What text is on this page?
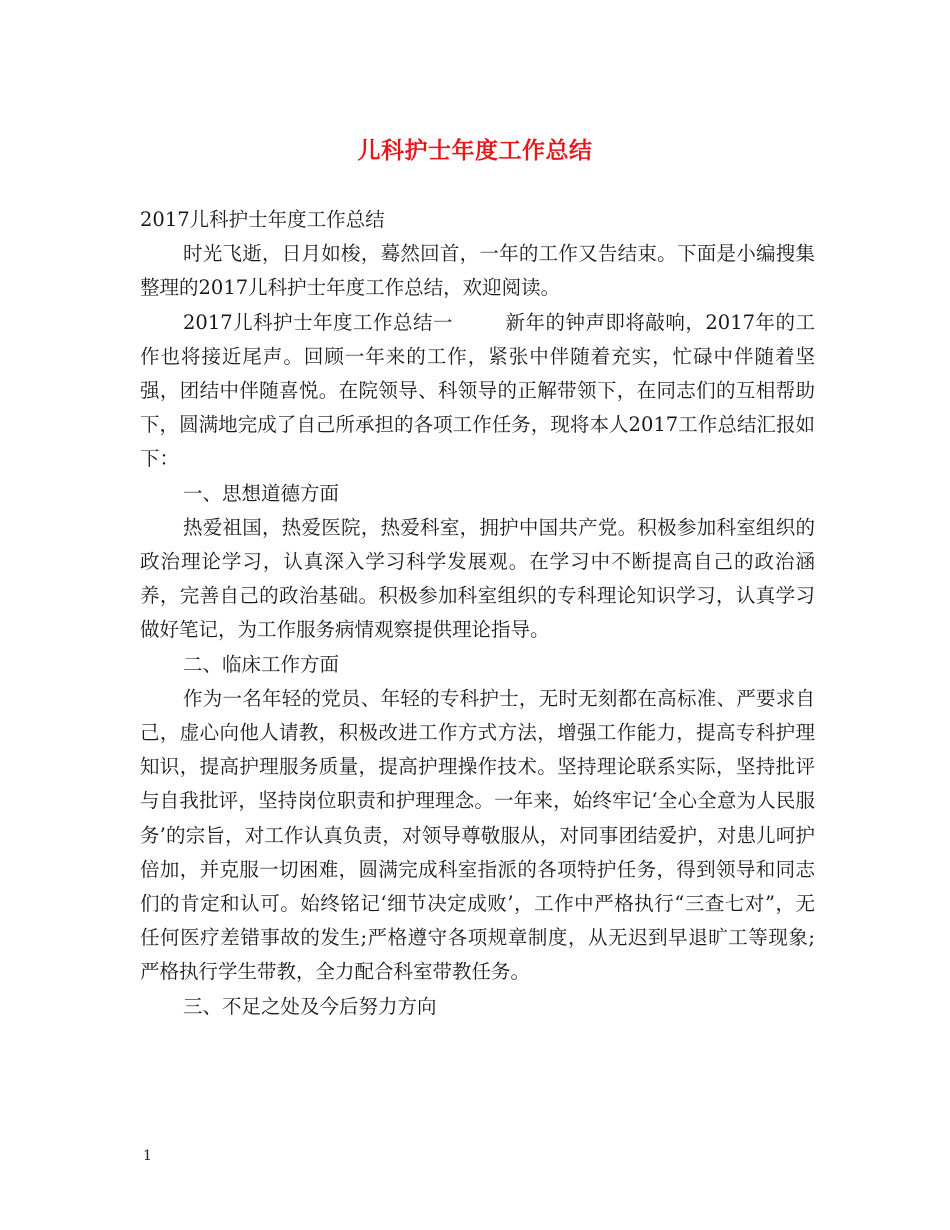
儿科护士年度工作总结

2017儿科护士年度工作总结

时光飞逝，日月如梭，蓦然回首，一年的工作又告结束。下面是小编搜集整理的2017儿科护士年度工作总结，欢迎阅读。

2017儿科护士年度工作总结一	新年的钟声即将敲响，2017年的工作也将接近尾声。回顾一年来的工作，紧张中伴随着充实，忙碌中伴随着坚强，团结中伴随喜悦。在院领导、科领导的正解带领下，在同志们的互相帮助下，圆满地完成了自己所承担的各项工作任务，现将本人2017工作总结汇报如下：

一、思想道德方面

热爱祖国，热爱医院，热爱科室，拥护中国共产党。积极参加科室组织的政治理论学习，认真深入学习科学发展观。在学习中不断提高自己的政治涵养，完善自己的政治基础。积极参加科室组织的专科理论知识学习，认真学习做好笔记，为工作服务病情观察提供理论指导。

二、临床工作方面

作为一名年轻的党员、年轻的专科护士，无时无刻都在高标准、严要求自己，虚心向他人请教，积极改进工作方式方法，增强工作能力，提高专科护理知识，提高护理服务质量，提高护理操作技术。坚持理论联系实际，坚持批评与自我批评，坚持岗位职责和护理理念。一年来，始终牢记‘全心全意为人民服务’的宗旨，对工作认真负责，对领导尊敬服从，对同事团结爱护，对患儿呵护倍加，并克服一切困难，圆满完成科室指派的各项特护任务，得到领导和同志们的肯定和认可。始终铭记‘细节决定成败’，工作中严格执行“三查七对”，无任何医疗差错事故的发生;严格遵守各项规章制度，从无迟到早退旷工等现象;严格执行学生带教，全力配合科室带教任务。

三、不足之处及今后努力方向

1
